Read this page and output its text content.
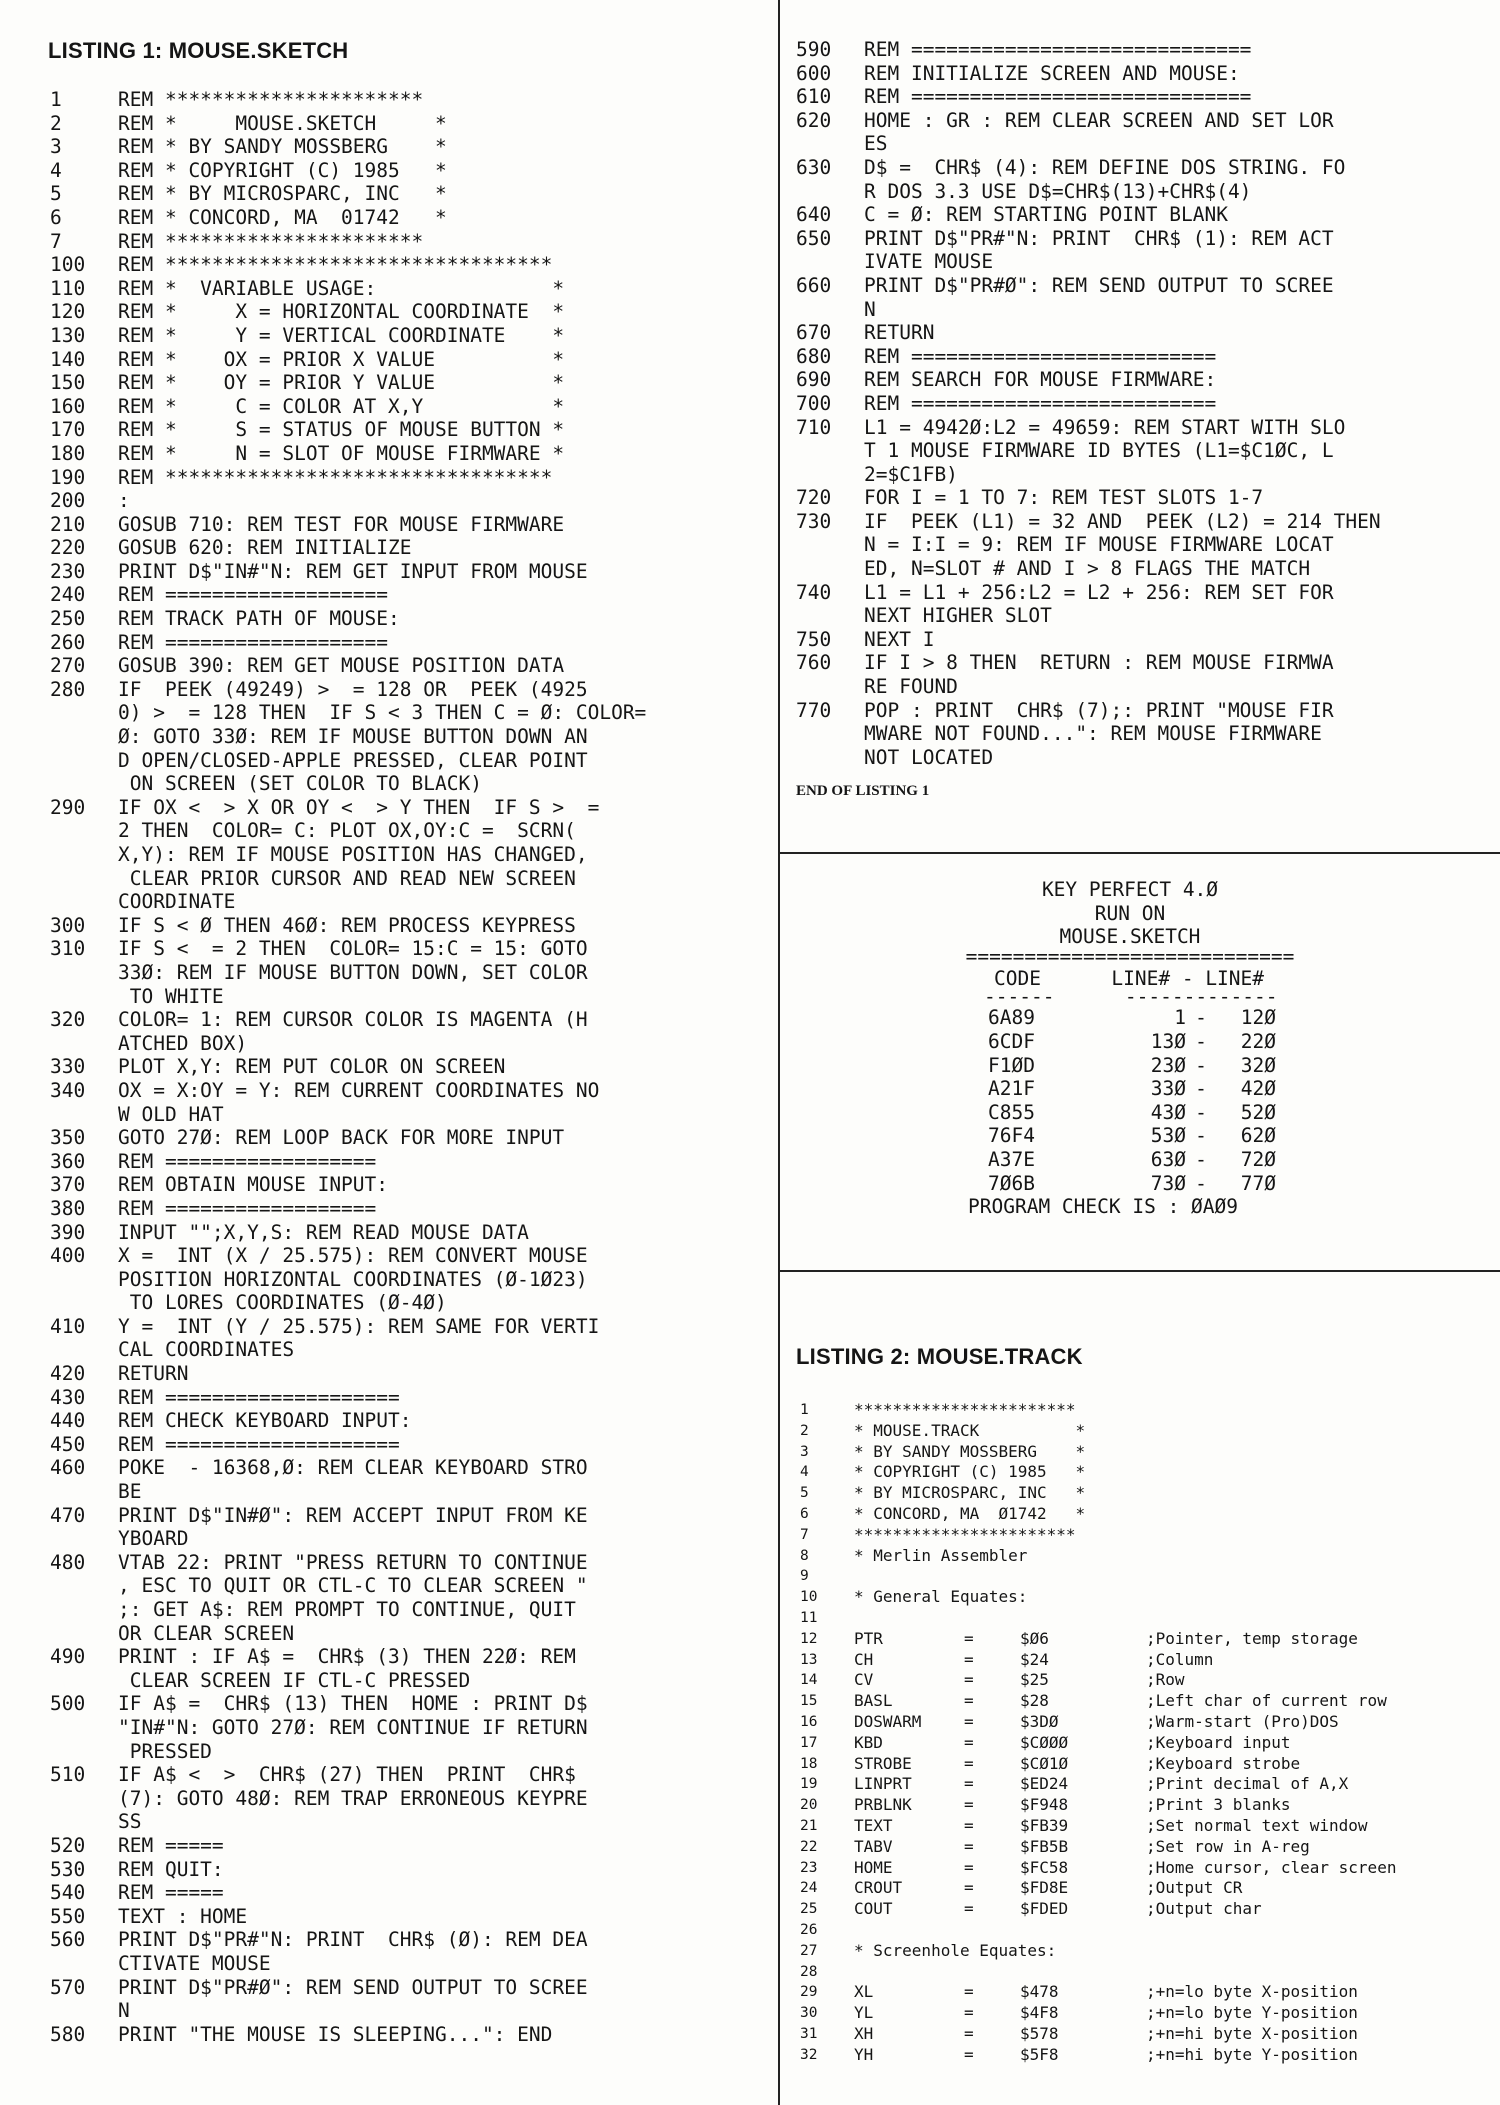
LISTING 1: MOUSE.SKETCH
1	REM **********************
2	REM *     MOUSE.SKETCH     *
3	REM * BY SANDY MOSSBERG    *
4	REM * COPYRIGHT (C) 1985   *
5	REM * BY MICROSPARC, INC   *
6	REM * CONCORD, MA  01742   *
7	REM **********************
100 REM *********************************
110 REM *  VARIABLE USAGE:               *
120 REM *     X = HORIZONTAL COORDINATE  *
130 REM *     Y = VERTICAL COORDINATE    *
140 REM *    OX = PRIOR X VALUE          *
150 REM *    OY = PRIOR Y VALUE          *
160 REM *     C = COLOR AT X,Y           *
170 REM *     S = STATUS OF MOUSE BUTTON *
180 REM *     N = SLOT OF MOUSE FIRMWARE *
190 REM *********************************
200 :
210 GOSUB 710: REM TEST FOR MOUSE FIRMWARE
220 GOSUB 620: REM INITIALIZE
230 PRINT D$"IN#"N: REM GET INPUT FROM MOUSE
240 REM ===================
250 REM TRACK PATH OF MOUSE:
260 REM ===================
270 GOSUB 390: REM GET MOUSE POSITION DATA
280 IF  PEEK (49249) >  = 128 OR  PEEK (4925
0) >  = 128 THEN  IF S < 3 THEN C = Ø: COLOR=
Ø: GOTO 33Ø: REM IF MOUSE BUTTON DOWN AN
D OPEN/CLOSED-APPLE PRESSED, CLEAR POINT
ON SCREEN (SET COLOR TO BLACK)
290 IF OX <  > X OR OY <  > Y THEN  IF S >  =
2 THEN  COLOR= C: PLOT OX,OY:C =  SCRN(
X,Y): REM IF MOUSE POSITION HAS CHANGED,
CLEAR PRIOR CURSOR AND READ NEW SCREEN
COORDINATE
300 IF S < Ø THEN 46Ø: REM PROCESS KEYPRESS
310 IF S <  = 2 THEN  COLOR= 15:C = 15: GOTO
33Ø: REM IF MOUSE BUTTON DOWN, SET COLOR
TO WHITE
320 COLOR= 1: REM CURSOR COLOR IS MAGENTA (H
ATCHED BOX)
330 PLOT X,Y: REM PUT COLOR ON SCREEN
340 OX = X:OY = Y: REM CURRENT COORDINATES NO
W OLD HAT
350 GOTO 27Ø: REM LOOP BACK FOR MORE INPUT
360 REM ==================
370 REM OBTAIN MOUSE INPUT:
380 REM ==================
390 INPUT "";X,Y,S: REM READ MOUSE DATA
400 X =  INT (X / 25.575): REM CONVERT MOUSE
POSITION HORIZONTAL COORDINATES (Ø-1Ø23)
TO LORES COORDINATES (Ø-4Ø)
410 Y =  INT (Y / 25.575): REM SAME FOR VERTI
CAL COORDINATES
420 RETURN
430 REM ====================
440 REM CHECK KEYBOARD INPUT:
450 REM ====================
460 POKE  - 16368,Ø: REM CLEAR KEYBOARD STRO
BE
470 PRINT D$"IN#Ø": REM ACCEPT INPUT FROM KE
YBOARD
480 VTAB 22: PRINT "PRESS RETURN TO CONTINUE
, ESC TO QUIT OR CTL-C TO CLEAR SCREEN "
;: GET A$: REM PROMPT TO CONTINUE, QUIT
OR CLEAR SCREEN
490 PRINT : IF A$ =  CHR$ (3) THEN 22Ø: REM
CLEAR SCREEN IF CTL-C PRESSED
500 IF A$ =  CHR$ (13) THEN  HOME : PRINT D$
"IN#"N: GOTO 27Ø: REM CONTINUE IF RETURN
PRESSED
510 IF A$ <  >  CHR$ (27) THEN  PRINT  CHR$
(7): GOTO 48Ø: REM TRAP ERRONEOUS KEYPRE
SS
520 REM =====
530 REM QUIT:
540 REM =====
550 TEXT : HOME
560 PRINT D$"PR#"N: PRINT  CHR$ (Ø): REM DEA
CTIVATE MOUSE
570 PRINT D$"PR#Ø": REM SEND OUTPUT TO SCREE
N
580 PRINT "THE MOUSE IS SLEEPING...": END
590 REM =============================
600 REM INITIALIZE SCREEN AND MOUSE:
610 REM =============================
620 HOME : GR : REM CLEAR SCREEN AND SET LOR
ES
630 D$ =  CHR$ (4): REM DEFINE DOS STRING. FO
R DOS 3.3 USE D$=CHR$(13)+CHR$(4)
640 C = Ø: REM STARTING POINT BLANK
650 PRINT D$"PR#"N: PRINT  CHR$ (1): REM ACT
IVATE MOUSE
660 PRINT D$"PR#Ø": REM SEND OUTPUT TO SCREE
N
670 RETURN
680 REM ==========================
690 REM SEARCH FOR MOUSE FIRMWARE:
700 REM ==========================
710 L1 = 4942Ø:L2 = 49659: REM START WITH SLO
T 1 MOUSE FIRMWARE ID BYTES (L1=$C1ØC, L
2=$C1FB)
720 FOR I = 1 TO 7: REM TEST SLOTS 1-7
730 IF  PEEK (L1) = 32 AND  PEEK (L2) = 214 THEN
N = I:I = 9: REM IF MOUSE FIRMWARE LOCAT
ED, N=SLOT # AND I > 8 FLAGS THE MATCH
740 L1 = L1 + 256:L2 = L2 + 256: REM SET FOR
NEXT HIGHER SLOT
750 NEXT I
760 IF I > 8 THEN  RETURN : REM MOUSE FIRMWA
RE FOUND
770 POP : PRINT  CHR$ (7);: PRINT "MOUSE FIR
MWARE NOT FOUND...": REM MOUSE FIRMWARE
NOT LOCATED
END OF LISTING 1
KEY PERFECT 4.Ø
RUN ON
MOUSE.SKETCH
============================
CODE      LINE# - LINE#
------      -------------
6A89	1 -	12Ø
6CDF	13Ø -	22Ø
F1ØD	23Ø -	32Ø
A21F	33Ø -	42Ø
C855	43Ø -	52Ø
76F4	53Ø -	62Ø
A37E	63Ø -	72Ø
7Ø6B	73Ø -	77Ø
PROGRAM CHECK IS : ØAØ9
LISTING 2: MOUSE.TRACK
1	***********************
2	* MOUSE.TRACK          *
3	* BY SANDY MOSSBERG    *
4	* COPYRIGHT (C) 1985   *
5	* BY MICROSPARC, INC   *
6	* CONCORD, MA  Ø1742   *
7	***********************
8	* Merlin Assembler
9
10	* General Equates:
11
12	PTR	=	$Ø6	;Pointer, temp storage
13	CH	=	$24	;Column
14	CV	=	$25	;Row
15	BASL	=	$28	;Left char of current row
16	DOSWARM	=	$3DØ	;Warm-start (Pro)DOS
17	KBD	=	$CØØØ	;Keyboard input
18	STROBE	=	$CØ1Ø	;Keyboard strobe
19	LINPRT	=	$ED24	;Print decimal of A,X
20	PRBLNK	=	$F948	;Print 3 blanks
21	TEXT	=	$FB39	;Set normal text window
22	TABV	=	$FB5B	;Set row in A-reg
23	HOME	=	$FC58	;Home cursor, clear screen
24	CROUT	=	$FD8E	;Output CR
25	COUT	=	$FDED	;Output char
26
27	* Screenhole Equates:
28
29	XL	=	$478	;+n=lo byte X-position
30	YL	=	$4F8	;+n=lo byte Y-position
31	XH	=	$578	;+n=hi byte X-position
32	YH	=	$5F8	;+n=hi byte Y-position
